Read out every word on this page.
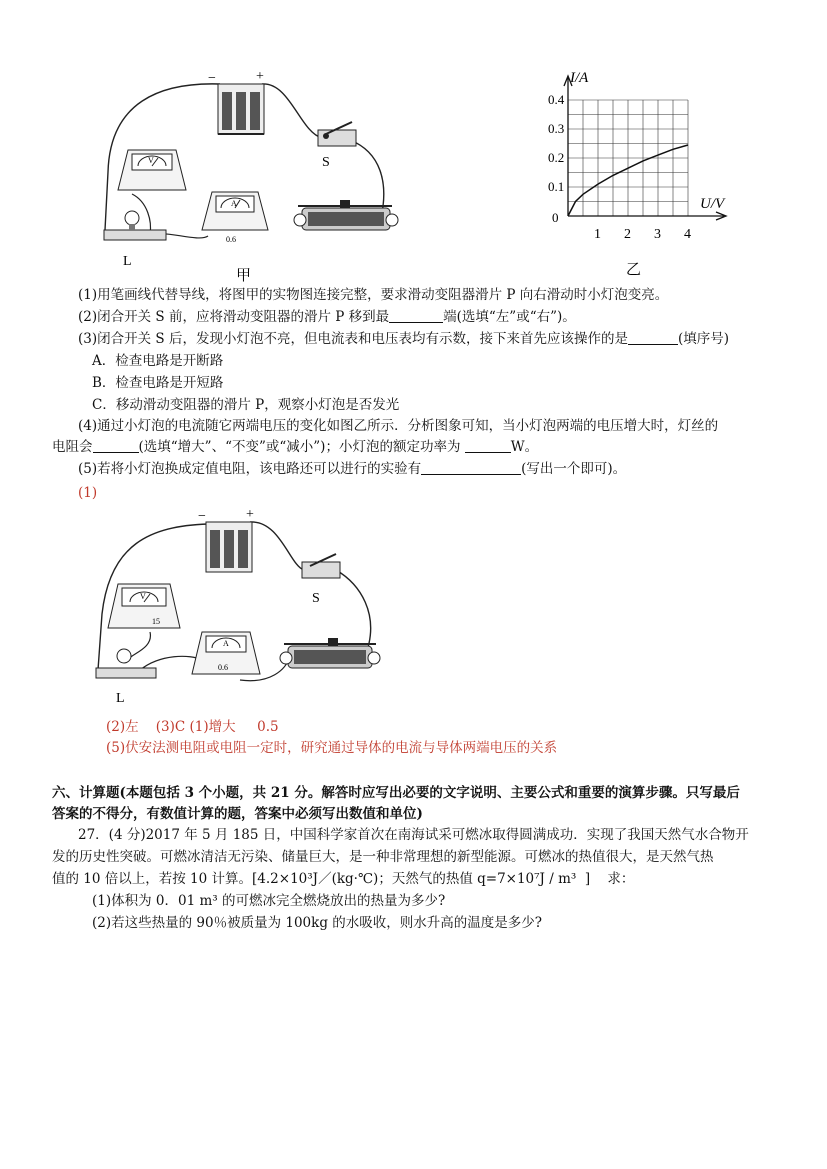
−	+
S
V
A
0.6
L
甲
0.1
0.2
0.3
0.4
1 2 3 4
I/A
U/V
0
乙
(1)用笔画线代替导线，将图甲的实物图连接完整，要求滑动变阻器滑片 P 向右滑动时小灯泡变亮。
(2)闭合开关 S 前，应将滑动变阻器的滑片 P 移到最	端(选填“左”或“右”)。
(3)闭合开关 S 后，发现小灯泡不亮，但电流表和电压表均有示数，接下来首先应该操作的是	(填序号)
A．检查电路是开断路
B．检查电路是开短路
C．移动滑动变阻器的滑片 P，观察小灯泡是否发光
(4)通过小灯泡的电流随它两端电压的变化如图乙所示．分析图象可知，当小灯泡两端的电压增大时，灯丝的
电阻会	(选填“增大”、“不变”或“减小”)；小灯泡的额定功率为	W。
(5)若将小灯泡换成定值电阻，该电路还可以进行的实验有	(写出一个即可)。
(1)
−	+
S
V
15
A
0.6
L
(2)左    (3)C (1)增大     0.5
(5)伏安法测电阻或电阻一定时，研究通过导体的电流与导体两端电压的关系
六、计算题(本题包括 3 个小题，共 21 分。解答时应写出必要的文字说明、主要公式和重要的演算步骤。只写最后
答案的不得分，有数值计算的题，答案中必须写出数值和单位)
27．(4 分)2017 年 5 月 185 日，中国科学家首次在南海试采可燃冰取得圆满成功．实现了我国天然气水合物开
发的历史性突破。可燃冰清洁无污染、储量巨大，是一种非常理想的新型能源。可燃冰的热值很大，是天然气热
值的 10 倍以上，若按 10 计算。[4.2×10³J／(kg·℃)；天然气的热值 q=7×10⁷J / m³  ]    求：
(1)体积为 0．01 m³ 的可燃冰完全燃烧放出的热量为多少?
(2)若这些热量的 90％被质量为 100kg 的水吸收，则水升高的温度是多少?
